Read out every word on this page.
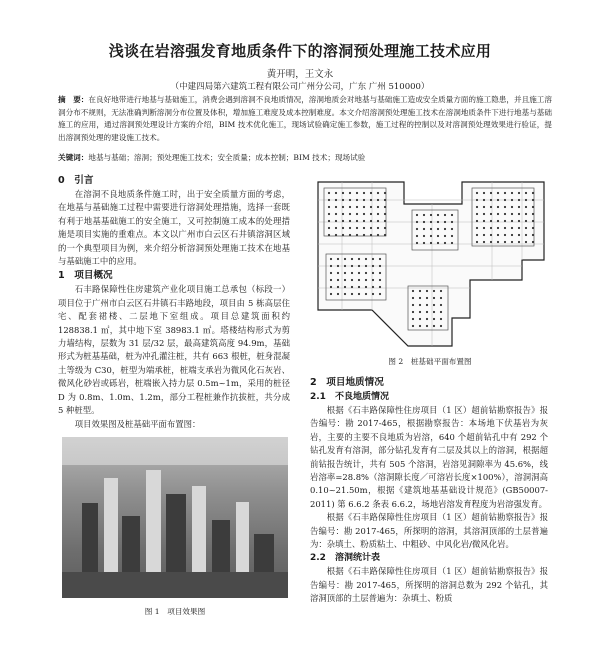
浅谈在岩溶强发育地质条件下的溶洞预处理施工技术应用
黄开明，王文永
（中建四局第六建筑工程有限公司广州分公司，广东 广州 510000）
摘　要：在良好地带进行地基与基础施工，消费会遇到溶洞不良地质情况，溶洞地质会对地基与基础施工造成安全质量方面的施工隐患，并且施工溶洞分布不规则，无法准确判断溶洞分布位置及体积，增加施工难度及成本控制难度。本文介绍溶洞预处理施工技术在溶洞地质条件下进行地基与基础施工的应用，通过溶洞预处理设计方案的介绍，BIM 技术优化施工，现场试验确定施工参数，施工过程的控制以及对溶洞预处理效果进行验证，提出溶洞预处理的建设施工技术。
关键词：地基与基础；溶洞；预处理施工技术；安全质量；成本控制；BIM 技术；现场试验
0　引言

在溶洞不良地质条件施工时，出于安全质量方面的考虑，在地基与基础施工过程中需要进行溶洞处理措施，选择一套既有利于地基基础施工的安全施工，又可控制施工成本的处理措施是项目实施的重难点。本文以广州市白云区石井镇溶洞区域的一个典型项目为例，来介绍分析溶洞预处理施工技术在地基与基础施工中的应用。

1　项目概况

石丰路保障性住房建筑产业化项目施工总承包（标段一）项目位于广州市白云区石井镇石丰路地段，项目由 5 栋高层住宅、配套裙楼、二层地下室组成。项目总建筑面积约 128838.1 ㎡，其中地下室 38983.1 ㎡。塔楼结构形式为剪力墙结构，层数为 31 层/32 层，最高建筑高度 94.9m，基础形式为桩基基础，桩为冲孔灌注桩，共有 663 根桩，桩身混凝土等级为 C30，桩型为端承桩，桩端支承岩为微风化石灰岩、微风化砂岩或砾岩，桩端嵌入持力层 0.5m~1m，采用的桩径 D 为 0.8m、1.0m、1.2m，部分工程桩兼作抗拔桩，共分成 5 种桩型。

项目效果图及桩基础平面布置图：

图 1　项目效果图
图 2　桩基础平面布置图
2　项目地质情况
2.1　不良地质情况

根据《石丰路保障性住房项目（1 区）超前钻勘察报告》报告编号：勘 2017-465，根据勘察报告：本场地下伏基岩为灰岩，主要的主要不良地质为岩溶，640 个超前钻孔中有 292 个钻孔发育有溶洞，部分钻孔发育有二层及其以上的溶洞，根据超前钻报告统计，共有 505 个溶洞，岩溶见洞隙率为 45.6%，线岩溶率=28.8%（溶洞隙长度／可溶岩长度×100%），溶洞洞高 0.10~21.50m，根据《建筑地基基础设计规范》(GB50007-2011) 第 6.6.2 条表 6.6.2，场地岩溶发育程度为岩溶强发育。

根据《石丰路保障性住房项目（1 区）超前钻勘察报告》报告编号：勘 2017-465，所探明的溶洞，其溶洞顶部的土层普遍为：杂填土、粉质粘土、中粗砂、中风化岩/微风化岩。

2.2　溶洞统计表

根据《石丰路保障性住房项目（1 区）超前钻勘察报告》报告编号：勘 2017-465，所探明的溶洞总数为 292 个钻孔，其溶洞顶部的土层普遍为：杂填土、粉质
